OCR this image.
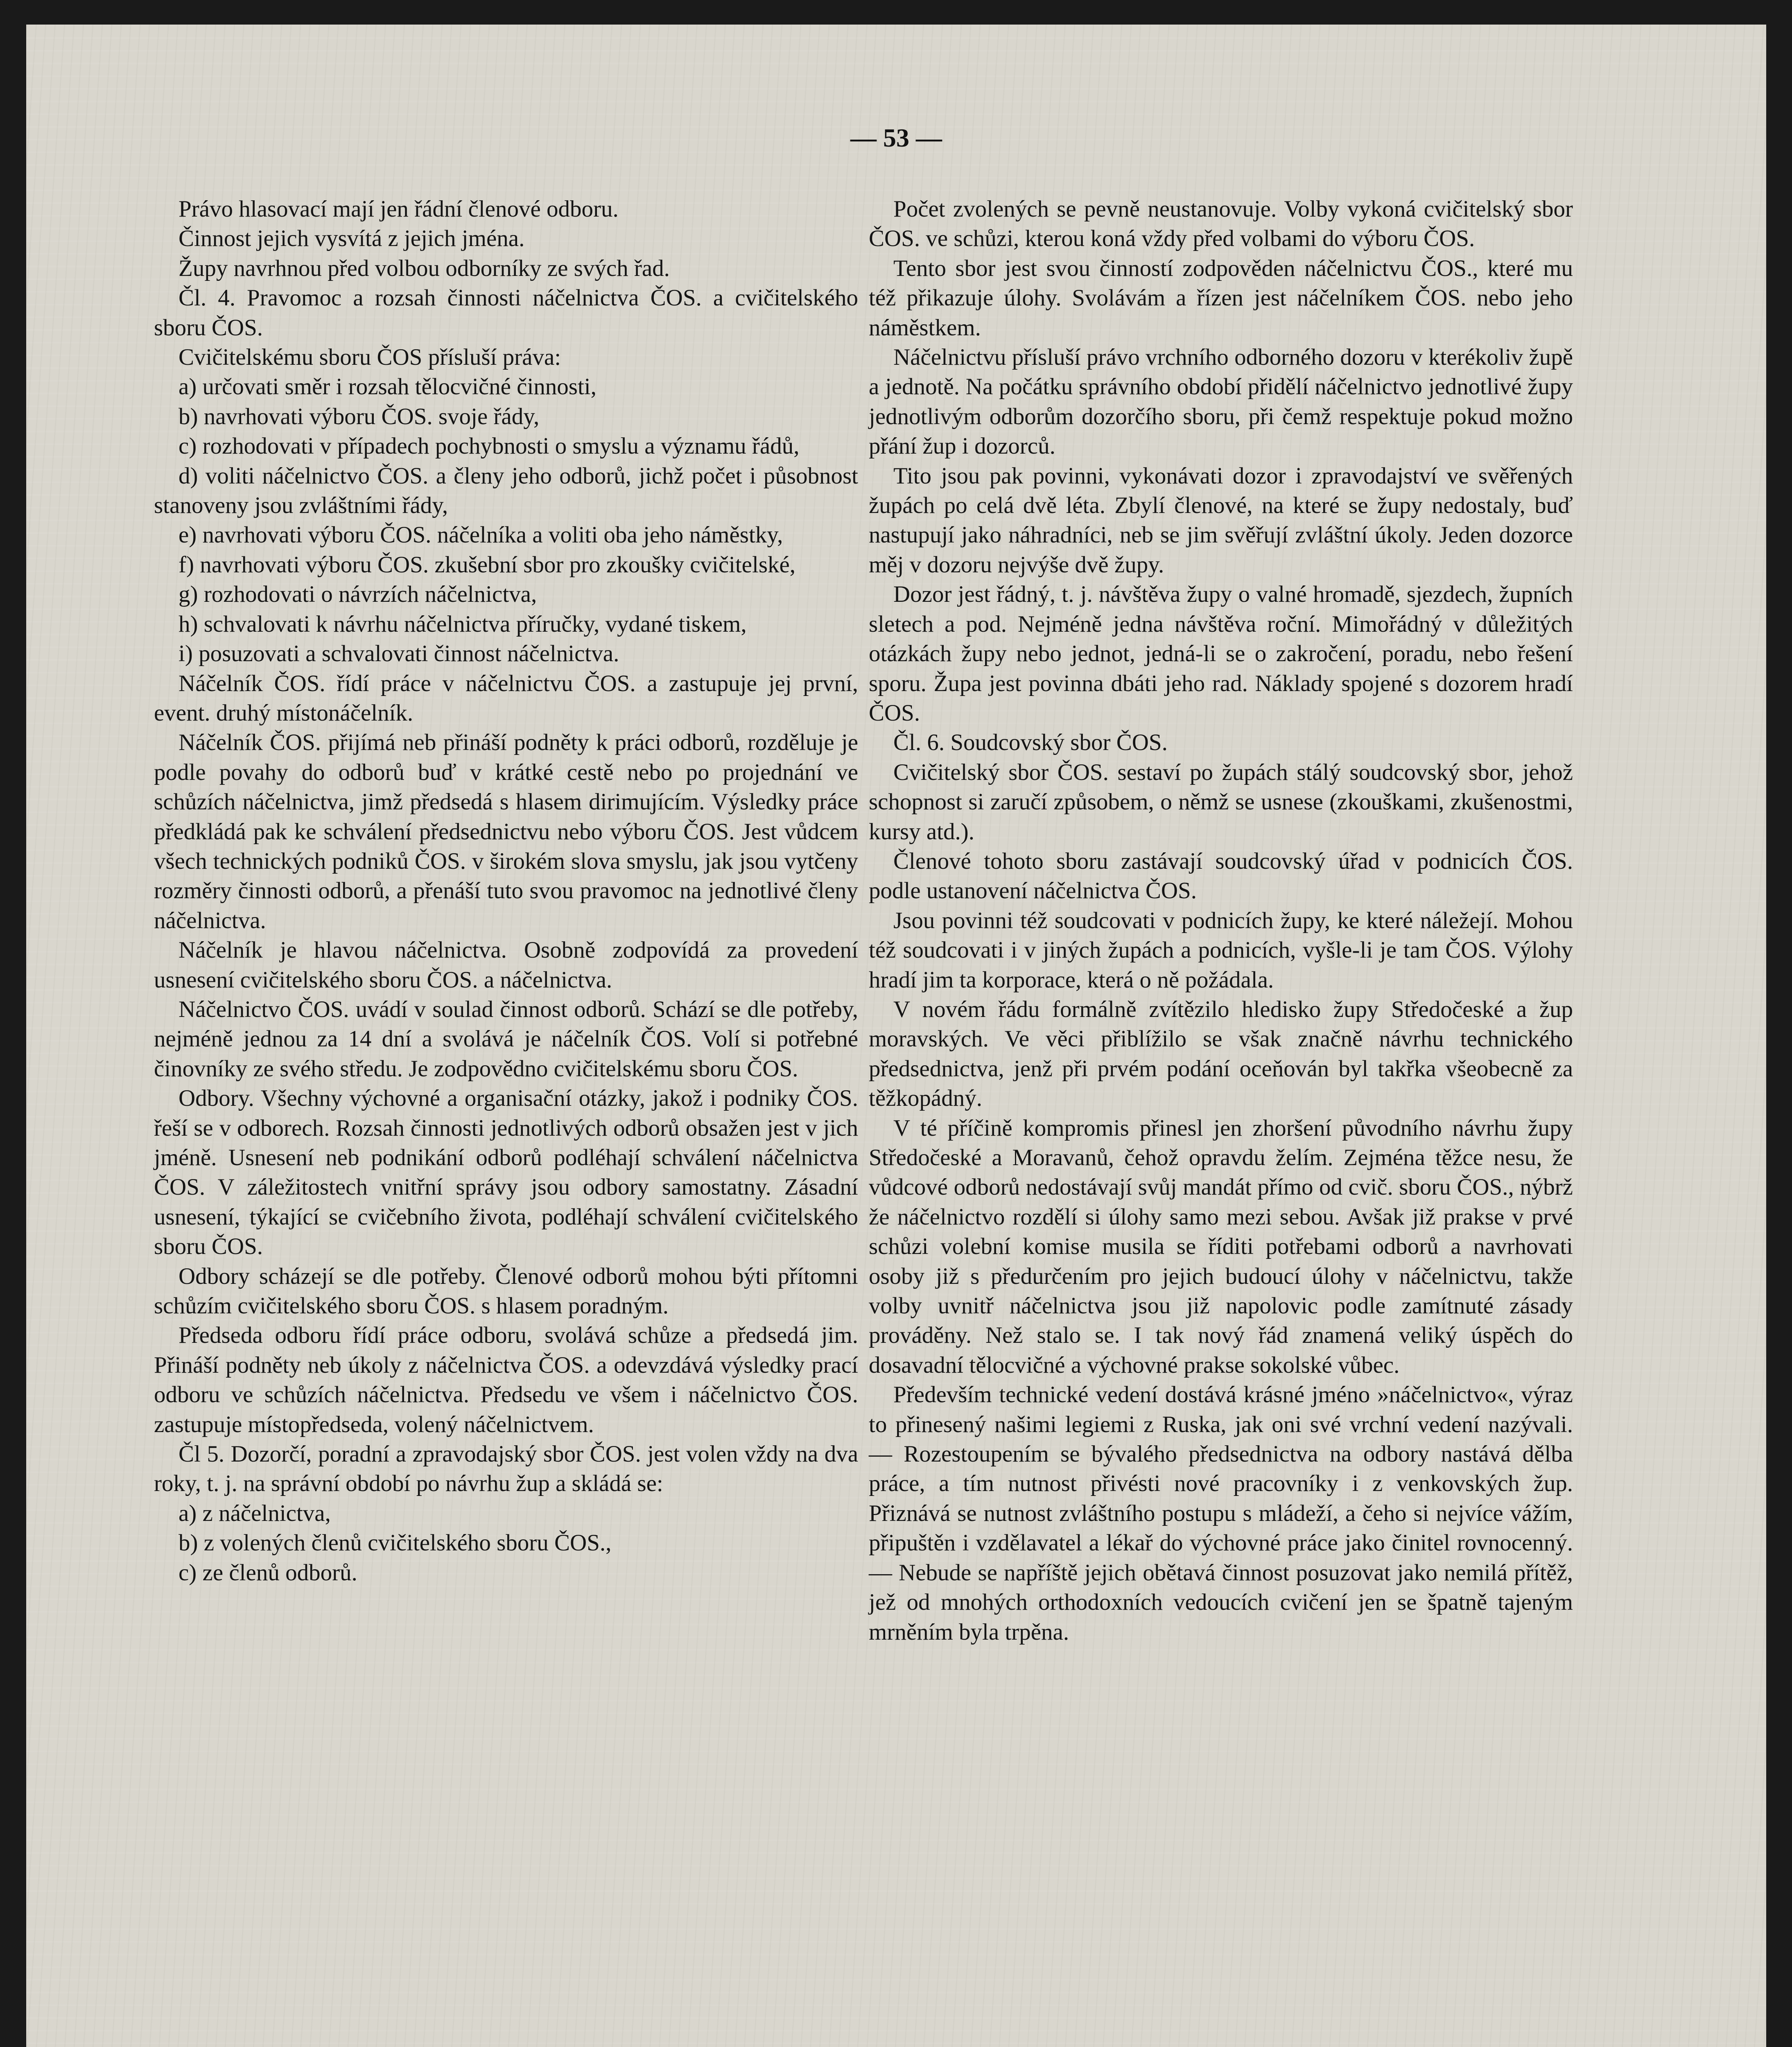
— 53 —

Právo hlasovací mají jen řádní členové odboru.

Činnost jejich vysvítá z jejich jména.

Župy navrhnou před volbou odborníky ze svých řad.

Čl. 4. Pravomoc a rozsah činnosti náčelnictva ČOS. a cvičitelského sboru ČOS.

Cvičitelskému sboru ČOS přísluší práva:

a) určovati směr i rozsah tělocvičné činnosti,

b) navrhovati výboru ČOS. svoje řády,

c) rozhodovati v případech pochybnosti o smyslu a významu řádů,

d) voliti náčelnictvo ČOS. a členy jeho odborů, jichž počet i působnost stanoveny jsou zvláštními řády,

e) navrhovati výboru ČOS. náčelníka a voliti oba jeho náměstky,

f) navrhovati výboru ČOS. zkušební sbor pro zkoušky cvičitelské,

g) rozhodovati o návrzích náčelnictva,

h) schvalovati k návrhu náčelnictva příručky, vydané tiskem,

i) posuzovati a schvalovati činnost náčelnictva.

Náčelník ČOS. řídí práce v náčelnictvu ČOS. a zastupuje jej první, event. druhý místonáčelník.

Náčelník ČOS. přijímá neb přináší podněty k práci odborů, rozděluje je podle povahy do odborů buď v krátké cestě nebo po projednání ve schůzích náčelnictva, jimž předsedá s hlasem dirimujícím. Výsledky práce předkládá pak ke schválení předsednictvu nebo výboru ČOS. Jest vůdcem všech technických podniků ČOS. v širokém slova smyslu, jak jsou vytčeny rozměry činnosti odborů, a přenáší tuto svou pravomoc na jednotlivé členy náčelnictva.

Náčelník je hlavou náčelnictva. Osobně zodpovídá za provedení usnesení cvičitelského sboru ČOS. a náčelnictva.

Náčelnictvo ČOS. uvádí v soulad činnost odborů. Schází se dle potřeby, nejméně jednou za 14 dní a svolává je náčelník ČOS. Volí si potřebné činovníky ze svého středu. Je zodpovědno cvičitelskému sboru ČOS.

Odbory. Všechny výchovné a organisační otázky, jakož i podniky ČOS. řeší se v odborech. Rozsah činnosti jednotlivých odborů obsažen jest v jich jméně. Usnesení neb podnikání odborů podléhají schválení náčelnictva ČOS. V záležitostech vnitřní správy jsou odbory samostatny. Zásadní usnesení, týkající se cvičebního života, podléhají schválení cvičitelského sboru ČOS.

Odbory scházejí se dle potřeby. Členové odborů mohou býti přítomni schůzím cvičitelského sboru ČOS. s hlasem poradným.

Předseda odboru řídí práce odboru, svolává schůze a předsedá jim. Přináší podněty neb úkoly z náčelnictva ČOS. a odevzdává výsledky prací odboru ve schůzích náčelnictva. Předsedu ve všem i náčelnictvo ČOS. zastupuje místopředseda, volený náčelnictvem.

Čl 5. Dozorčí, poradní a zpravodajský sbor ČOS. jest volen vždy na dva roky, t. j. na správní období po návrhu žup a skládá se:

a) z náčelnictva,

b) z volených členů cvičitelského sboru ČOS.,

c) ze členů odborů.

Počet zvolených se pevně neustanovuje. Volby vykoná cvičitelský sbor ČOS. ve schůzi, kterou koná vždy před volbami do výboru ČOS.

Tento sbor jest svou činností zodpověden náčelnictvu ČOS., které mu též přikazuje úlohy. Svolávám a řízen jest náčelníkem ČOS. nebo jeho náměstkem.

Náčelnictvu přísluší právo vrchního odborného dozoru v kterékoliv župě a jednotě. Na počátku správního období přidělí náčelnictvo jednotlivé župy jednotlivým odborům dozorčího sboru, při čemž respektuje pokud možno přání žup i dozorců.

Tito jsou pak povinni, vykonávati dozor i zpravodajství ve svěřených župách po celá dvě léta. Zbylí členové, na které se župy nedostaly, buď nastupují jako náhradníci, neb se jim svěřují zvláštní úkoly. Jeden dozorce měj v dozoru nejvýše dvě župy.

Dozor jest řádný, t. j. návštěva župy o valné hromadě, sjezdech, župních sletech a pod. Nejméně jedna návštěva roční. Mimořádný v důležitých otázkách župy nebo jednot, jedná-li se o zakročení, poradu, nebo řešení sporu. Župa jest povinna dbáti jeho rad. Náklady spojené s dozorem hradí ČOS.

Čl. 6. Soudcovský sbor ČOS.

Cvičitelský sbor ČOS. sestaví po župách stálý soudcovský sbor, jehož schopnost si zaručí způsobem, o němž se usnese (zkouškami, zkušenostmi, kursy atd.).

Členové tohoto sboru zastávají soudcovský úřad v podnicích ČOS. podle ustanovení náčelnictva ČOS.

Jsou povinni též soudcovati v podnicích župy, ke které náležejí. Mohou též soudcovati i v jiných župách a podnicích, vyšle-li je tam ČOS. Výlohy hradí jim ta korporace, která o ně požádala.

V novém řádu formálně zvítězilo hledisko župy Středočeské a žup moravských. Ve věci přiblížilo se však značně návrhu technického předsednictva, jenž při prvém podání oceňován byl takřka všeobecně za těžkopádný.

V té příčině kompromis přinesl jen zhoršení původního návrhu župy Středočeské a Moravanů, čehož opravdu želím. Zejména těžce nesu, že vůdcové odborů nedostávají svůj mandát přímo od cvič. sboru ČOS., nýbrž že náčelnictvo rozdělí si úlohy samo mezi sebou. Avšak již prakse v prvé schůzi volební komise musila se říditi potřebami odborů a navrhovati osoby již s předurčením pro jejich budoucí úlohy v náčelnictvu, takže volby uvnitř náčelnictva jsou již napolovic podle zamítnuté zásady prováděny. Než stalo se. I tak nový řád znamená veliký úspěch do dosavadní tělocvičné a výchovné prakse sokolské vůbec.

Především technické vedení dostává krásné jméno »náčelnictvo«, výraz to přinesený našimi legiemi z Ruska, jak oni své vrchní vedení nazývali. — Rozestoupením se bývalého předsednictva na odbory nastává dělba práce, a tím nutnost přivésti nové pracovníky i z venkovských žup. Přiznává se nutnost zvláštního postupu s mládeží, a čeho si nejvíce vážím, připuštěn i vzdělavatel a lékař do výchovné práce jako činitel rovnocenný. — Nebude se napříště jejich obětavá činnost posuzovat jako nemilá přítěž, jež od mnohých orthodoxních vedoucích cvičení jen se špatně tajeným mrněním byla trpěna.
